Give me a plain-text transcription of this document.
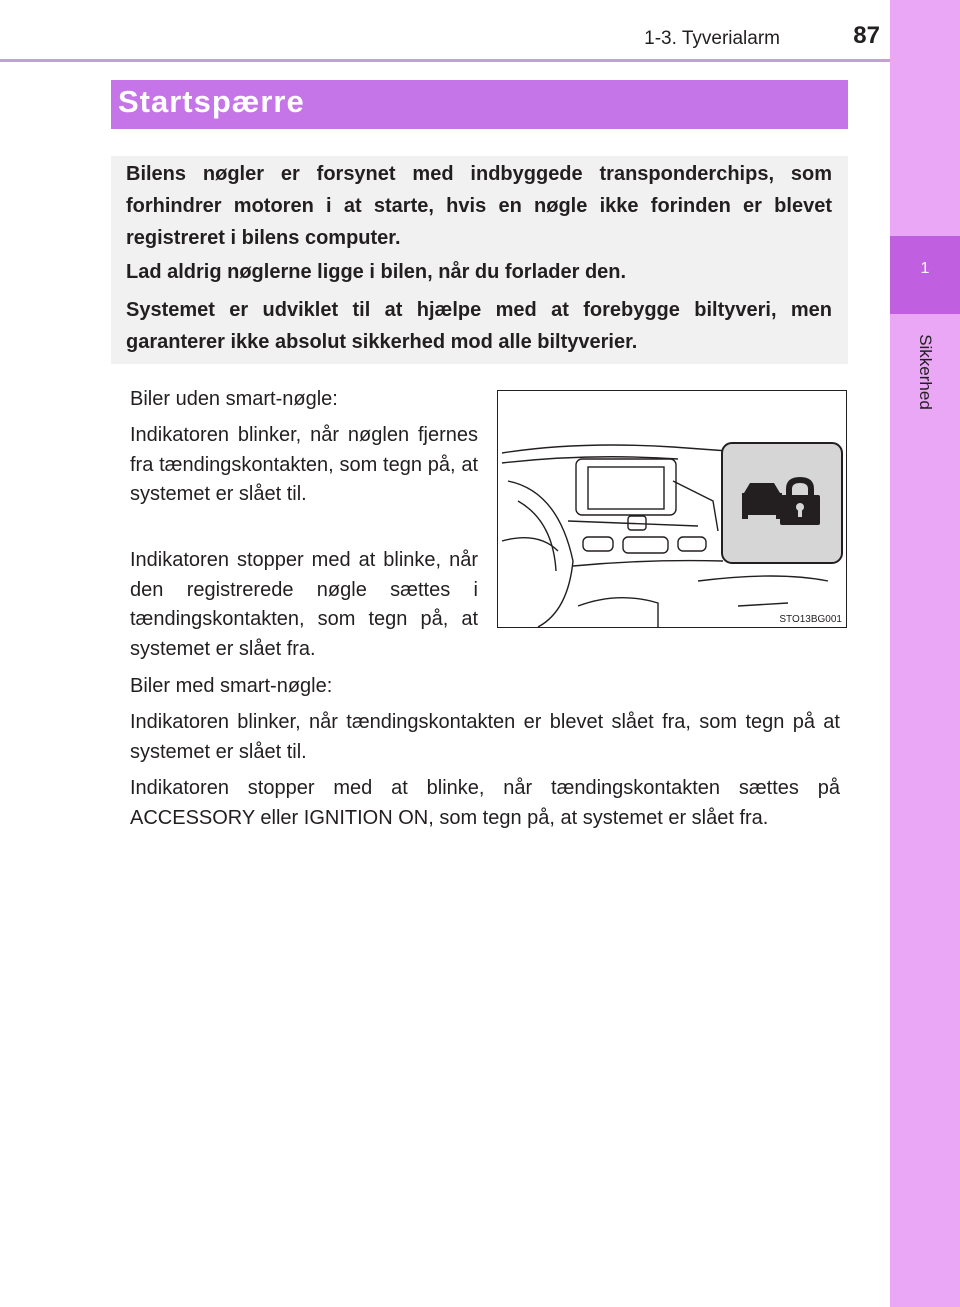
1-3. Tyverialarm	87
1
Sikkerhed
Startspærre

Bilens nøgler er forsynet med indbyggede transponderchips, som forhindrer motoren i at starte, hvis en nøgle ikke forinden er blevet registreret i bilens computer.

Lad aldrig nøglerne ligge i bilen, når du forlader den.

Systemet er udviklet til at hjælpe med at forebygge biltyveri, men garanterer ikke absolut sikkerhed mod alle biltyverier.

Biler uden smart-nøgle:

Indikatoren blinker, når nøglen fjernes fra tændingskontakten, som tegn på, at systemet er slået til.

Indikatoren stopper med at blinke, når den registrerede nøgle sættes i tændingskontakten, som tegn på, at systemet er slået fra.

Biler med smart-nøgle:

Indikatoren blinker, når tændingskontakten er blevet slået fra, som tegn på at systemet er slået til.

Indikatoren stopper med at blinke, når tændingskontakten sættes på ACCESSORY eller IGNITION ON, som tegn på, at systemet er slået fra.

STO13BG001
